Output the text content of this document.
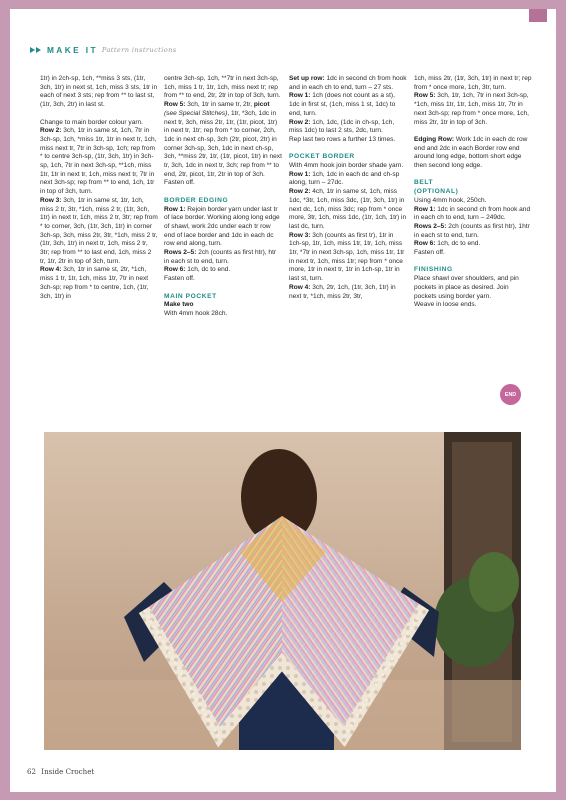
MAKE IT Pattern instructions

1tr) in 2ch-sp, 1ch, **miss 3 sts, (1tr, 3ch, 1tr) in next st, 1ch, miss 3 sts, 1tr in each of next 3 sts; rep from ** to last st, (1tr, 3ch, 2tr) in last st.

Change to main border colour yarn.

Row 2: 3ch, 1tr in same st, 1ch, 7tr in 3ch-sp, 1ch, *miss 1tr, 1tr in next tr, 1ch, miss next tr, 7tr in 3ch-sp, 1ch; rep from * to centre 3ch-sp, (1tr, 3ch, 1tr) in 3ch-sp, 1ch, 7tr in next 3ch-sp, **1ch, miss 1tr, 1tr in next tr, 1ch, miss next tr, 7tr in next 3ch-sp; rep from ** to end, 1ch, 1tr in top of 3ch, turn.

Row 3: 3ch, 1tr in same st, 1tr, 1ch, miss 2 tr, 3tr, *1ch, miss 2 tr, (1tr, 3ch, 1tr) in next tr, 1ch, miss 2 tr, 3tr; rep from * to corner, 3ch, (1tr, 3ch, 1tr) in corner 3ch-sp, 3ch, miss 2tr, 3tr, *1ch, miss 2 tr, (1tr, 3ch, 1tr) in next tr, 1ch, miss 2 tr, 3tr; rep from ** to last end, 1ch, miss 2 tr, 1tr, 2tr in top of 3ch, turn.

Row 4: 3ch, 1tr in same st, 2tr, *1ch, miss 1 tr, 1tr, 1ch, miss 1tr, 7tr in next 3ch-sp; rep from * to centre, 1ch, (1tr, 3ch, 1tr) in

centre 3ch-sp, 1ch, **7tr in next 3ch-sp, 1ch, miss 1 tr, 1tr, 1ch, miss next tr; rep from ** to end, 2tr, 2tr in top of 3ch, turn.

Row 5: 3ch, 1tr in same tr, 2tr, picot (see Special Stitches), 1tr, *3ch, 1dc in next tr, 3ch, miss 2tr, 1tr, (1tr, picot, 1tr) in next tr, 1tr; rep from * to corner, 2ch, 1dc in next ch-sp, 3ch (2tr, picot, 2tr) in corner 3ch-sp, 3ch, 1dc in next ch-sp, 3ch, **miss 2tr, 1tr, (1tr, picot, 1tr) in next tr, 3ch, 1dc in next tr, 3ch; rep from ** to end, 2tr, picot, 1tr, 2tr in top of 3ch. Fasten off.

BORDER EDGING

Row 1: Rejoin border yarn under last tr of lace border. Working along long edge of shawl, work 2dc under each tr row end of lace border and 1dc in each dc row end along, turn.

Rows 2–5: 2ch (counts as first htr), htr in each st to end, turn.

Row 6: 1ch, dc to end.

Fasten off.

MAIN POCKET

Make two

With 4mm hook 28ch.

Set up row: 1dc in second ch from hook and in each ch to end, turn – 27 sts.

Row 1: 1ch (does not count as a st), 1dc in first st, (1ch, miss 1 st, 1dc) to end, turn.

Row 2: 1ch, 1dc, (1dc in ch-sp, 1ch, miss 1dc) to last 2 sts, 2dc, turn.

Rep last two rows a further 13 times.

POCKET BORDER

With 4mm hook join border shade yarn.

Row 1: 1ch, 1dc in each dc and ch-sp along, turn – 27dc.

Row 2: 4ch, 1tr in same st, 1ch, miss 1dc, *3tr, 1ch, miss 3dc, (1tr, 3ch, 1tr) in next dc, 1ch, miss 3dc; rep from * once more, 3tr, 1ch, miss 1dc, (1tr, 1ch, 1tr) in last dc, turn.

Row 3: 3ch (counts as first tr), 1tr in 1ch-sp, 1tr, 1ch, miss 1tr, 1tr, 1ch, miss 1tr, *7tr in next 3ch-sp, 1ch, miss 1tr, 1tr in next tr, 1ch, miss 1tr; rep from * once more, 1tr in next tr, 1tr in 1ch-sp, 1tr in last st, turn.

Row 4: 3ch, 2tr, 1ch, (1tr, 3ch, 1tr) in next tr, *1ch, miss 2tr, 3tr,

1ch, miss 2tr, (1tr, 3ch, 1tr) in next tr; rep from * once more, 1ch, 3tr, turn.

Row 5: 3ch, 1tr, 1ch, 7tr in next 3ch-sp, *1ch, miss 1tr, 1tr, 1ch, miss 1tr, 7tr in next 3ch-sp; rep from * once more, 1ch, miss 2tr, 1tr in top of 3ch.

Edging Row: Work 1dc in each dc row end and 2dc in each Border row end around long edge, bottom short edge then second long edge.

BELT

(OPTIONAL)

Using 4mm hook, 250ch.

Row 1: 1dc in second ch from hook and in each ch to end, turn – 249dc.

Rows 2–5: 2ch (counts as first htr), 1htr in each st to end, turn.

Row 6: 1ch, dc to end.

Fasten off.

FINISHING

Place shawl over shoulders, and pin pockets in place as desired. Join pockets using border yarn.

Weave in loose ends.

END
62 Inside Crochet
PassionForum.ru
